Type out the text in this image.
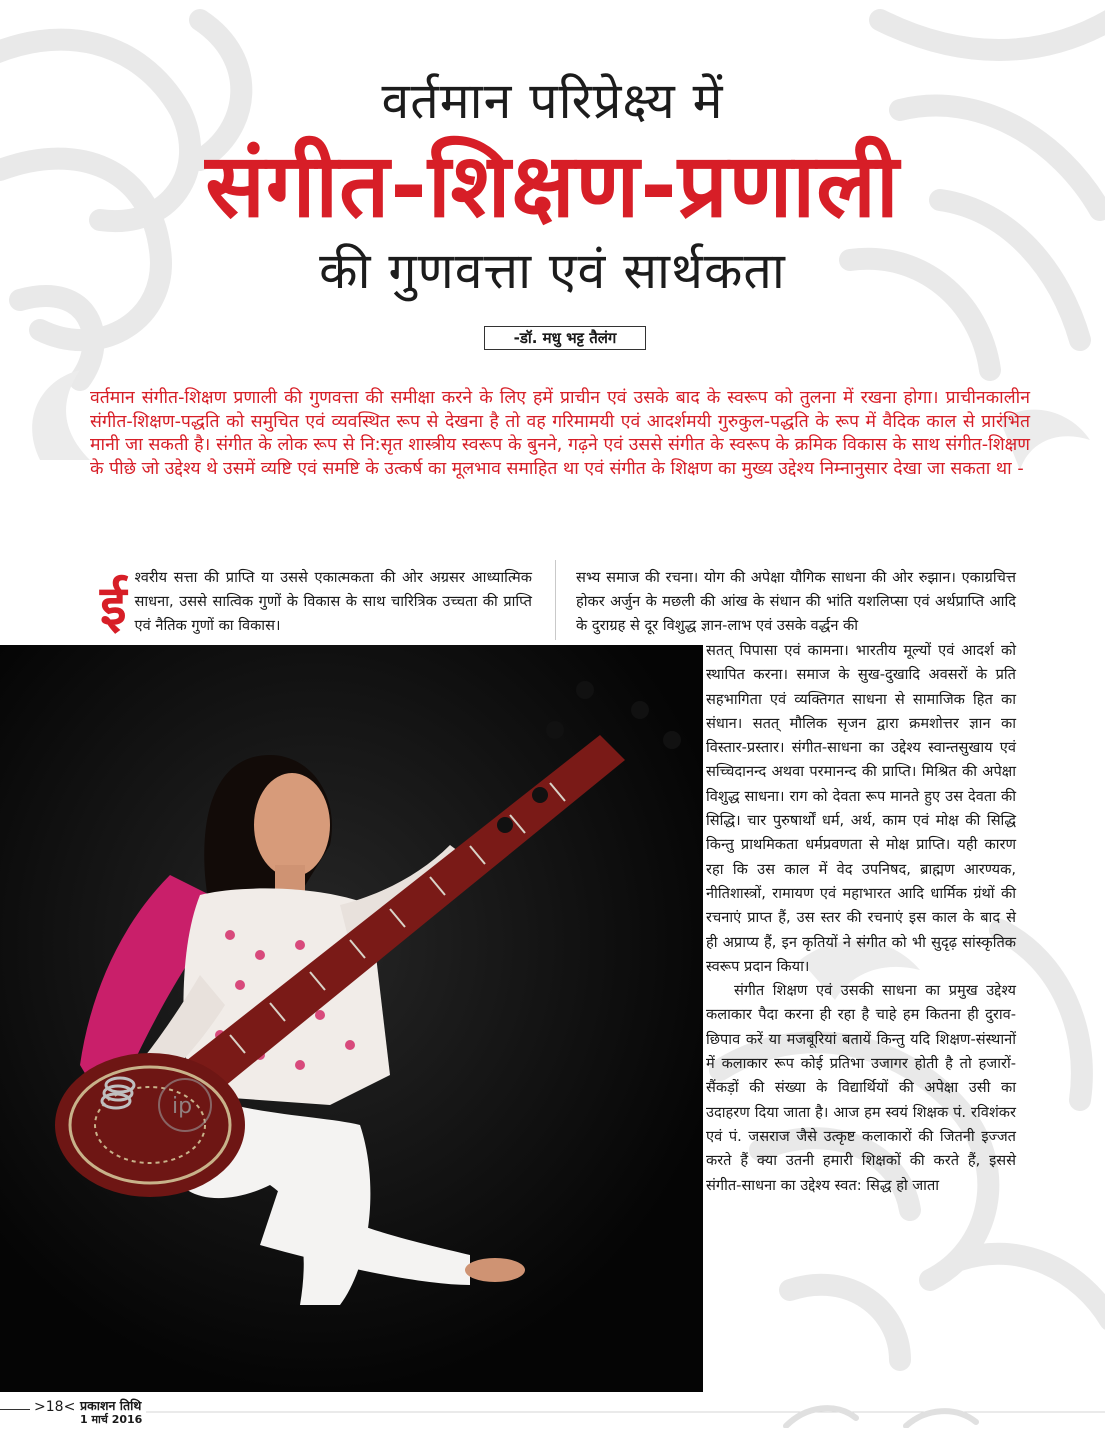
वर्तमान परिप्रेक्ष्य में
संगीत-शिक्षण-प्रणाली
की गुणवत्ता एवं सार्थकता
-डॉ. मधु भट्ट तैलंग
वर्तमान संगीत-शिक्षण प्रणाली की गुणवत्ता की समीक्षा करने के लिए हमें प्राचीन एवं उसके बाद के स्वरूप को तुलना में रखना होगा। प्राचीनकालीन संगीत-शिक्षण-पद्धति को समुचित एवं व्यवस्थित रूप से देखना है तो वह गरिमामयी एवं आदर्शमयी गुरुकुल-पद्धति के रूप में वैदिक काल से प्रारंभित मानी जा सकती है। संगीत के लोक रूप से नि:सृत शास्त्रीय स्वरूप के बुनने, गढ़ने एवं उससे संगीत के स्वरूप के क्रमिक विकास के साथ संगीत-शिक्षण के पीछे जो उद्देश्य थे उसमें व्यष्टि एवं समष्टि के उत्कर्ष का मूलभाव समाहित था एवं संगीत के शिक्षण का मुख्य उद्देश्य निम्नानुसार देखा जा सकता था -
ई श्वरीय सत्ता की प्राप्ति या उससे एकात्मकता की ओर अग्रसर आध्यात्मिक साधना, उससे सात्विक गुणों के विकास के साथ चारित्रिक उच्चता की प्राप्ति एवं नैतिक गुणों का विकास।
सभ्य समाज की रचना। योग की अपेक्षा यौगिक साधना की ओर रुझान। एकाग्रचित्त होकर अर्जुन के मछली की आंख के संधान की भांति यशलिप्सा एवं अर्थप्राप्ति आदि के दुराग्रह से दूर विशुद्ध ज्ञान-लाभ एवं उसके वर्द्धन की
ip

सतत् पिपासा एवं कामना। भारतीय मूल्यों एवं आदर्श को स्थापित करना। समाज के सुख-दुखादि अवसरों के प्रति सहभागिता एवं व्यक्तिगत साधना से सामाजिक हित का संधान। सतत् मौलिक सृजन द्वारा क्रमशोत्तर ज्ञान का विस्तार-प्रस्तार। संगीत-साधना का उद्देश्य स्वान्तसुखाय एवं सच्चिदानन्द अथवा परमानन्द की प्राप्ति। मिश्रित की अपेक्षा विशुद्ध साधना। राग को देवता रूप मानते हुए उस देवता की सिद्धि। चार पुरुषार्थों धर्म, अर्थ, काम एवं मोक्ष की सिद्धि किन्तु प्राथमिकता धर्मप्रवणता से मोक्ष प्राप्ति। यही कारण रहा कि उस काल में वेद उपनिषद, ब्राह्मण आरण्यक, नीतिशास्त्रों, रामायण एवं महाभारत आदि धार्मिक ग्रंथों की रचनाएं प्राप्त हैं, उस स्तर की रचनाएं इस काल के बाद से ही अप्राप्य हैं, इन कृतियों ने संगीत को भी सुदृढ़ सांस्कृतिक स्वरूप प्रदान किया।

संगीत शिक्षण एवं उसकी साधना का प्रमुख उद्देश्य कलाकार पैदा करना ही रहा है चाहे हम कितना ही दुराव-छिपाव करें या मजबूरियां बतायें किन्तु यदि शिक्षण-संस्थानों में कलाकार रूप कोई प्रतिभा उजागर होती है तो हजारों-सैंकड़ों की संख्या के विद्यार्थियों की अपेक्षा उसी का उदाहरण दिया जाता है। आज हम स्वयं शिक्षक पं. रविशंकर एवं पं. जसराज जैसे उत्कृष्ट कलाकारों की जितनी इज्जत करते हैं क्या उतनी हमारी शिक्षकों की करते हैं, इससे संगीत-साधना का उद्देश्य स्वत: सिद्ध हो जाता

>18< प्रकाशन तिथि
1 मार्च 2016
